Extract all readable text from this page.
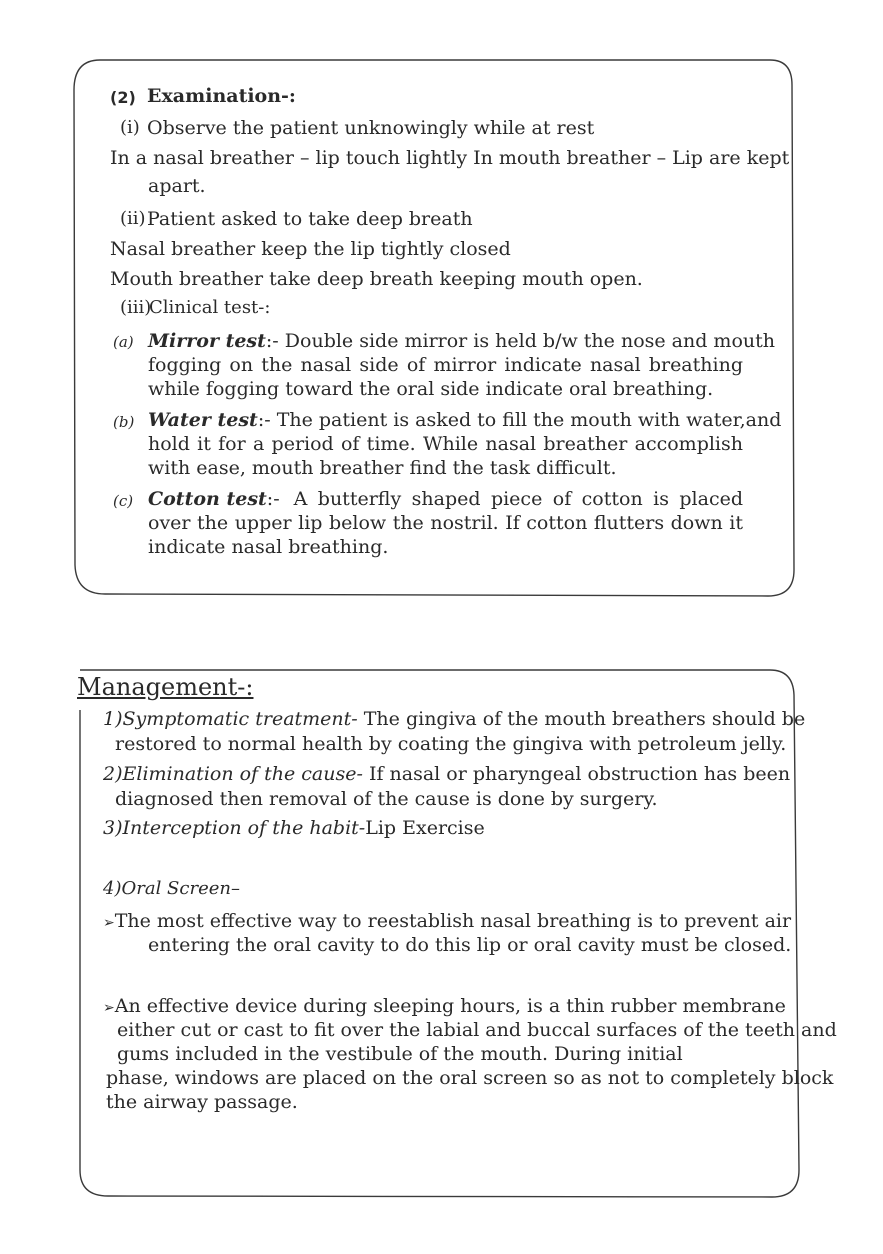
(2) Examination-:
(i) Observe the patient unknowingly while at rest
In a nasal breather – lip touch lightly In mouth breather – Lip are kept
apart.
(ii) Patient asked to take deep breath
Nasal breather keep the lip tightly closed
Mouth breather take deep breath keeping mouth open.
(iii)
Clinical test-:
(a) Mirror test:- Double side mirror is held b/w the nose and mouth
fogging on the nasal side of mirror indicate nasal breathing
while fogging toward the oral side indicate oral breathing.
(b) Water test:- The patient is asked to fill the mouth with water,and
hold it for a period of time. While nasal breather accomplish
with ease, mouth breather find the task difficult.
(c) Cotton test:- A butterfly shaped piece of cotton is placed
over the upper lip below the nostril. If cotton flutters down it
indicate nasal breathing.
Management-:
1)Symptomatic treatment- The gingiva of the mouth breathers should be
restored to normal health by coating the gingiva with petroleum jelly.
2)Elimination of the cause- If nasal or pharyngeal obstruction has been
diagnosed then removal of the cause is done by surgery.
3)Interception of the habit-Lip Exercise
4)Oral Screen–
➢The most effective way to reestablish nasal breathing is to prevent air
entering the oral cavity to do this lip or oral cavity must be closed.
➢An effective device during sleeping hours, is a thin rubber membrane
either cut or cast to fit over the labial and buccal surfaces of the teeth and
gums included in the vestibule of the mouth. During initial
phase, windows are placed on the oral screen so as not to completely block
the airway passage.
